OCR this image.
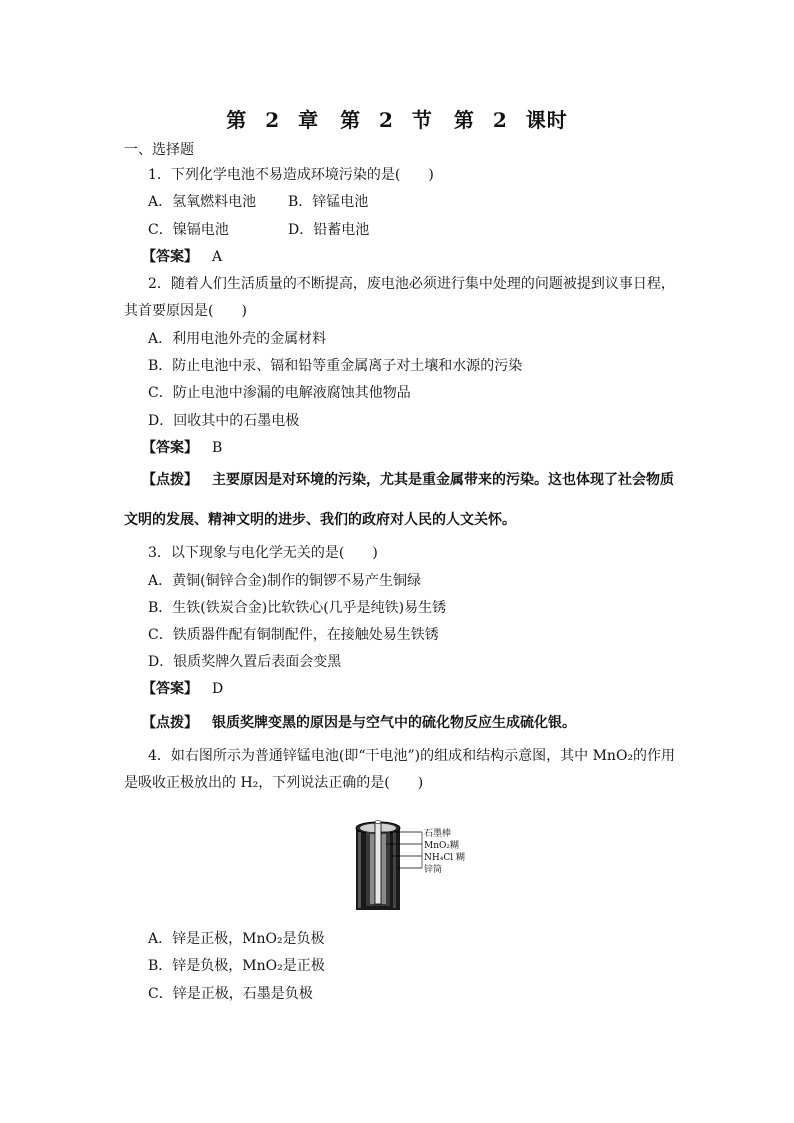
第 2 章　第 2 节　第 2 课时
一、选择题
1．下列化学电池不易造成环境污染的是(　　)
A．氢氧燃料电池 B．锌锰电池
C．镍镉电池	D．铅蓄电池
【答案】 A
2．随着人们生活质量的不断提高，废电池必须进行集中处理的问题被提到议事日程，
其首要原因是(　　)
A．利用电池外壳的金属材料
B．防止电池中汞、镉和铅等重金属离子对土壤和水源的污染
C．防止电池中渗漏的电解液腐蚀其他物品
D．回收其中的石墨电极
【答案】 B
【点拨】 主要原因是对环境的污染，尤其是重金属带来的污染。这也体现了社会物质
文明的发展、精神文明的进步、我们的政府对人民的人文关怀。
3．以下现象与电化学无关的是(　　)
A．黄铜(铜锌合金)制作的铜锣不易产生铜绿
B．生铁(铁炭合金)比软铁心(几乎是纯铁)易生锈
C．铁质器件配有铜制配件，在接触处易生铁锈
D．银质奖牌久置后表面会变黑
【答案】 D
【点拨】 银质奖牌变黑的原因是与空气中的硫化物反应生成硫化银。
4．如右图所示为普通锌锰电池(即“干电池”)的组成和结构示意图，其中 MnO₂的作用
是吸收正极放出的 H₂，下列说法正确的是(　　)
石墨棒
MnO₂糊
NH₄Cl 糊
锌筒
A．锌是正极，MnO₂是负极
B．锌是负极，MnO₂是正极
C．锌是正极，石墨是负极
